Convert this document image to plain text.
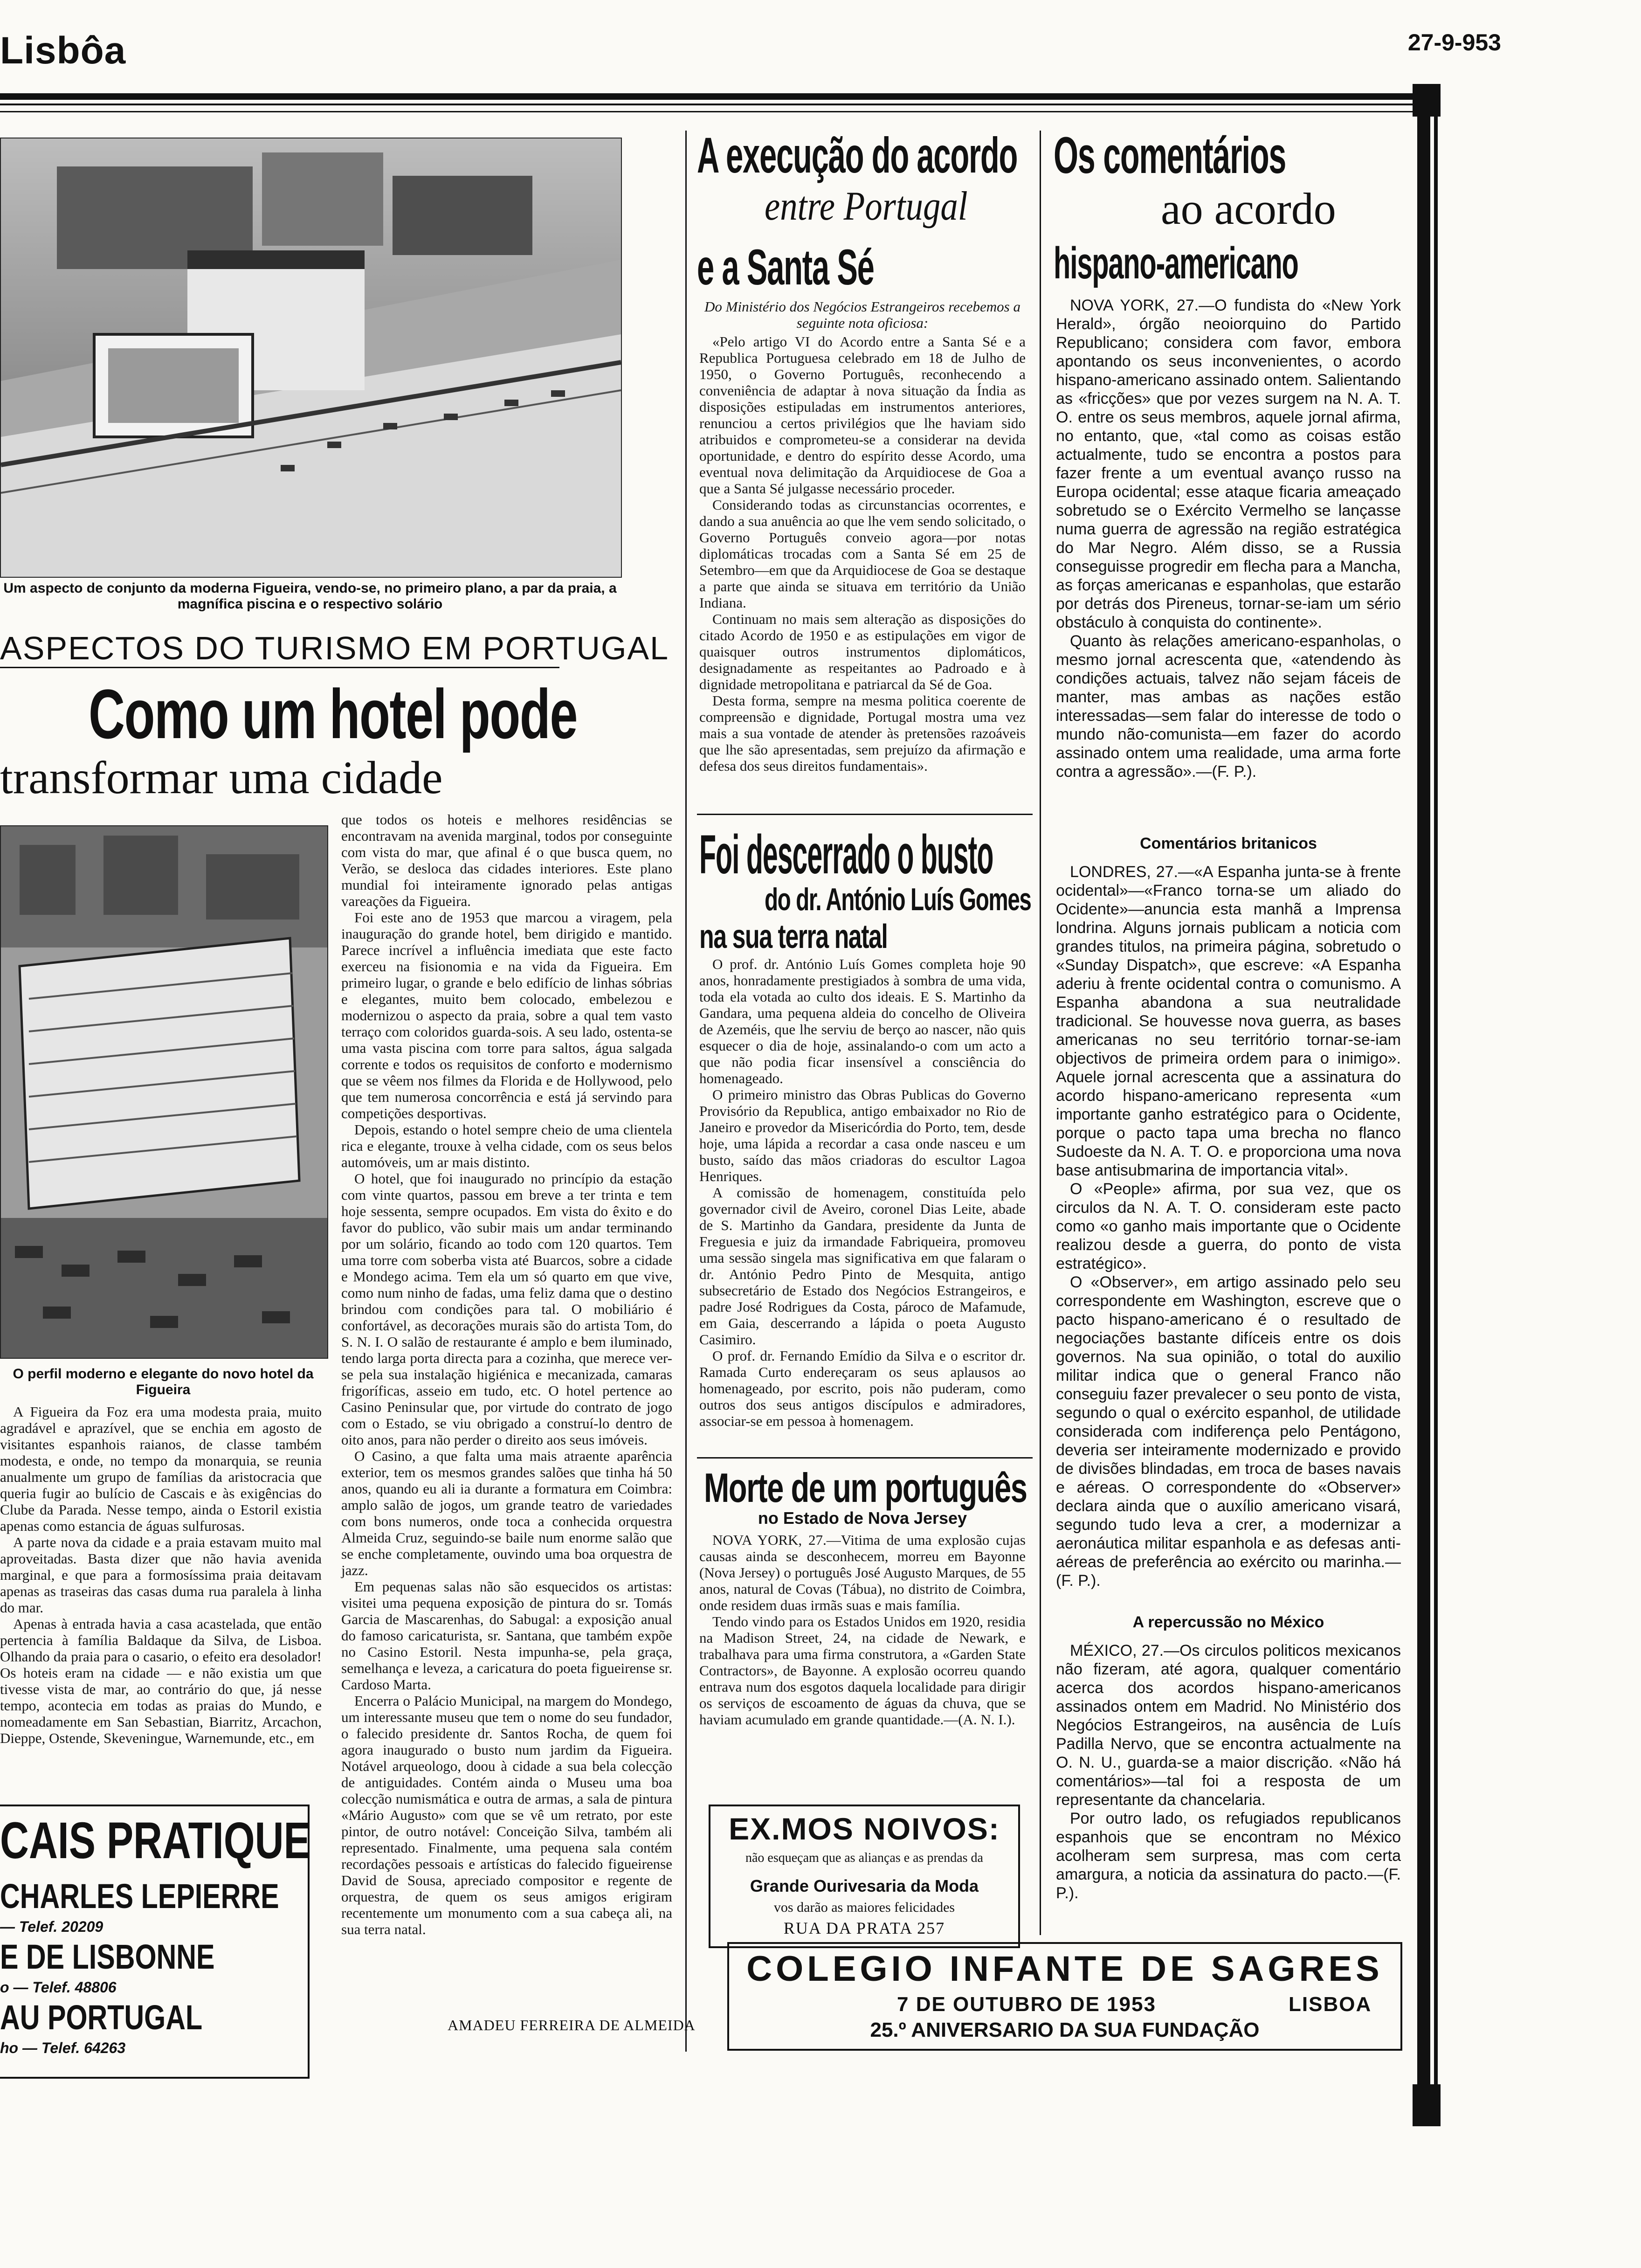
Lisbôa	27-9-953
Um aspecto de conjunto da moderna Figueira, vendo-se, no primeiro plano, a par da praia, a magnífica piscina e o respectivo solário
ASPECTOS DO TURISMO EM PORTUGAL
Como um hotel pode
transformar uma cidade
O perfil moderno e elegante do novo hotel da Figueira

A Figueira da Foz era uma modesta praia, muito agradável e aprazível, que se enchia em agosto de visitantes espanhois raianos, de classe também modesta, e onde, no tempo da monarquia, se reunia anualmente um grupo de famílias da aristocracia que queria fugir ao bulício de Cascais e às exigências do Clube da Parada. Nesse tempo, ainda o Estoril existia apenas como estancia de águas sulfurosas.

A parte nova da cidade e a praia estavam muito mal aproveitadas. Basta dizer que não havia avenida marginal, e que para a formosíssima praia deitavam apenas as traseiras das casas duma rua paralela à linha do mar.

Apenas à entrada havia a casa acastelada, que então pertencia à família Baldaque da Silva, de Lisboa. Olhando da praia para o casario, o efeito era desolador! Os hoteis eram na cidade — e não existia um que tivesse vista de mar, ao contrário do que, já nesse tempo, acontecia em todas as praias do Mundo, e nomeadamente em San Sebastian, Biarritz, Arcachon, Dieppe, Ostende, Skeveningue, Warnemunde, etc., em

que todos os hoteis e melhores residências se encontravam na avenida marginal, todos por conseguinte com vista do mar, que afinal é o que busca quem, no Verão, se desloca das cidades interiores. Este plano mundial foi inteiramente ignorado pelas antigas vareações da Figueira.

Foi este ano de 1953 que marcou a viragem, pela inauguração do grande hotel, bem dirigido e mantido. Parece incrível a influência imediata que este facto exerceu na fisionomia e na vida da Figueira. Em primeiro lugar, o grande e belo edifício de linhas sóbrias e elegantes, muito bem colocado, embelezou e modernizou o aspecto da praia, sobre a qual tem vasto terraço com coloridos guarda-sois. A seu lado, ostenta-se uma vasta piscina com torre para saltos, água salgada corrente e todos os requisitos de conforto e modernismo que se vêem nos filmes da Florida e de Hollywood, pelo que tem numerosa concorrência e está já servindo para competições desportivas.

Depois, estando o hotel sempre cheio de uma clientela rica e elegante, trouxe à velha cidade, com os seus belos automóveis, um ar mais distinto.

O hotel, que foi inaugurado no princípio da estação com vinte quartos, passou em breve a ter trinta e tem hoje sessenta, sempre ocupados. Em vista do êxito e do favor do publico, vão subir mais um andar terminando por um solário, ficando ao todo com 120 quartos. Tem uma torre com soberba vista até Buarcos, sobre a cidade e Mondego acima. Tem ela um só quarto em que vive, como num ninho de fadas, uma feliz dama que o destino brindou com condições para tal. O mobiliário é confortável, as decorações murais são do artista Tom, do S. N. I. O salão de restaurante é amplo e bem iluminado, tendo larga porta directa para a cozinha, que merece ver-se pela sua instalação higiénica e mecanizada, camaras frigoríficas, asseio em tudo, etc. O hotel pertence ao Casino Peninsular que, por virtude do contrato de jogo com o Estado, se viu obrigado a construí-lo dentro de oito anos, para não perder o direito aos seus imóveis.

O Casino, a que falta uma mais atraente aparência exterior, tem os mesmos grandes salões que tinha há 50 anos, quando eu ali ia durante a formatura em Coimbra: amplo salão de jogos, um grande teatro de variedades com bons numeros, onde toca a conhecida orquestra Almeida Cruz, seguindo-se baile num enorme salão que se enche completamente, ouvindo uma boa orquestra de jazz.

Em pequenas salas não são esquecidos os artistas: visitei uma pequena exposição de pintura do sr. Tomás Garcia de Mascarenhas, do Sabugal: a exposição anual do famoso caricaturista, sr. Santana, que também expõe no Casino Estoril. Nesta impunha-se, pela graça, semelhança e leveza, a caricatura do poeta figueirense sr. Cardoso Marta.

Encerra o Palácio Municipal, na margem do Mondego, um interessante museu que tem o nome do seu fundador, o falecido presidente dr. Santos Rocha, de quem foi agora inaugurado o busto num jardim da Figueira. Notável arqueologo, doou à cidade a sua bela colecção de antiguidades. Contém ainda o Museu uma boa colecção numismática e outra de armas, a sala de pintura «Mário Augusto» com que se vê um retrato, por este pintor, de outro notável: Conceição Silva, também ali representado. Finalmente, uma pequena sala contém recordações pessoais e artísticas do falecido figueirense David de Sousa, apreciado compositor e regente de orquestra, de quem os seus amigos erigiram recentemente um monumento com a sua cabeça ali, na sua terra natal.

AMADEU FERREIRA DE ALMEIDA
CAIS PRATIQUE
CHARLES LEPIERRE
— Telef. 20209
E DE LISBONNE
o — Telef. 48806
AU PORTUGAL
ho — Telef. 64263
A execução do acordo
entre Portugal
e a Santa Sé
Do Ministério dos Negócios Estrangeiros recebemos a seguinte nota oficiosa:

«Pelo artigo VI do Acordo entre a Santa Sé e a Republica Portuguesa celebrado em 18 de Julho de 1950, o Governo Português, reconhecendo a conveniência de adaptar à nova situação da Índia as disposições estipuladas em instrumentos anteriores, renunciou a certos privilégios que lhe haviam sido atribuidos e comprometeu-se a considerar na devida oportunidade, e dentro do espírito desse Acordo, uma eventual nova delimitação da Arquidiocese de Goa a que a Santa Sé julgasse necessário proceder.

Considerando todas as circunstancias ocorrentes, e dando a sua anuência ao que lhe vem sendo solicitado, o Governo Português conveio agora—por notas diplomáticas trocadas com a Santa Sé em 25 de Setembro—em que da Arquidiocese de Goa se destaque a parte que ainda se situava em território da União Indiana.

Continuam no mais sem alteração as disposições do citado Acordo de 1950 e as estipulações em vigor de quaisquer outros instrumentos diplomáticos, designadamente as respeitantes ao Padroado e à dignidade metropolitana e patriarcal da Sé de Goa.

Desta forma, sempre na mesma politica coerente de compreensão e dignidade, Portugal mostra uma vez mais a sua vontade de atender às pretensões razoáveis que lhe são apresentadas, sem prejuízo da afirmação e defesa dos seus direitos fundamentais».

Foi descerrado o busto
do dr. António Luís Gomes
na sua terra natal

O prof. dr. António Luís Gomes completa hoje 90 anos, honradamente prestigiados à sombra de uma vida, toda ela votada ao culto dos ideais. E S. Martinho da Gandara, uma pequena aldeia do concelho de Oliveira de Azeméis, que lhe serviu de berço ao nascer, não quis esquecer o dia de hoje, assinalando-o com um acto a que não podia ficar insensível a consciência do homenageado.

O primeiro ministro das Obras Publicas do Governo Provisório da Republica, antigo embaixador no Rio de Janeiro e provedor da Misericórdia do Porto, tem, desde hoje, uma lápida a recordar a casa onde nasceu e um busto, saído das mãos criadoras do escultor Lagoa Henriques.

A comissão de homenagem, constituída pelo governador civil de Aveiro, coronel Dias Leite, abade de S. Martinho da Gandara, presidente da Junta de Freguesia e juiz da irmandade Fabriqueira, promoveu uma sessão singela mas significativa em que falaram o dr. António Pedro Pinto de Mesquita, antigo subsecretário de Estado dos Negócios Estrangeiros, e padre José Rodrigues da Costa, pároco de Mafamude, em Gaia, descerrando a lápida o poeta Augusto Casimiro.

O prof. dr. Fernando Emídio da Silva e o escritor dr. Ramada Curto endereçaram os seus aplausos ao homenageado, por escrito, pois não puderam, como outros dos seus antigos discípulos e admiradores, associar-se em pessoa à homenagem.

Morte de um português
no Estado de Nova Jersey

NOVA YORK, 27.—Vitima de uma explosão cujas causas ainda se desconhecem, morreu em Bayonne (Nova Jersey) o português José Augusto Marques, de 55 anos, natural de Covas (Tábua), no distrito de Coimbra, onde residem duas irmãs suas e mais família.

Tendo vindo para os Estados Unidos em 1920, residia na Madison Street, 24, na cidade de Newark, e trabalhava para uma firma construtora, a «Garden State Contractors», de Bayonne. A explosão ocorreu quando entrava num dos esgotos daquela localidade para dirigir os serviços de escoamento de águas da chuva, que se haviam acumulado em grande quantidade.—(A. N. I.).

EX.MOS NOIVOS:
não esqueçam que as alianças e as prendas da
Grande Ourivesaria da Moda
vos darão as maiores felicidades
RUA DA PRATA 257
Os comentários
ao acordo
hispano-americano

NOVA YORK, 27.—O fundista do «New York Herald», órgão neoiorquino do Partido Republicano; considera com favor, embora apontando os seus inconvenientes, o acordo hispano-americano assinado ontem. Salientando as «fricções» que por vezes surgem na N. A. T. O. entre os seus membros, aquele jornal afirma, no entanto, que, «tal como as coisas estão actualmente, tudo se encontra a postos para fazer frente a um eventual avanço russo na Europa ocidental; esse ataque ficaria ameaçado sobretudo se o Exército Vermelho se lançasse numa guerra de agressão na região estratégica do Mar Negro. Além disso, se a Russia conseguisse progredir em flecha para a Mancha, as forças americanas e espanholas, que estarão por detrás dos Pireneus, tornar-se-iam um sério obstáculo à conquista do continente».

Quanto às relações americano-espanholas, o mesmo jornal acrescenta que, «atendendo às condições actuais, talvez não sejam fáceis de manter, mas ambas as nações estão interessadas—sem falar do interesse de todo o mundo não-comunista—em fazer do acordo assinado ontem uma realidade, uma arma forte contra a agressão».—(F. P.).

Comentários britanicos

LONDRES, 27.—«A Espanha junta-se à frente ocidental»—«Franco torna-se um aliado do Ocidente»—anuncia esta manhã a Imprensa londrina. Alguns jornais publicam a noticia com grandes titulos, na primeira página, sobretudo o «Sunday Dispatch», que escreve: «A Espanha aderiu à frente ocidental contra o comunismo. A Espanha abandona a sua neutralidade tradicional. Se houvesse nova guerra, as bases americanas no seu território tornar-se-iam objectivos de primeira ordem para o inimigo». Aquele jornal acrescenta que a assinatura do acordo hispano-americano representa «um importante ganho estratégico para o Ocidente, porque o pacto tapa uma brecha no flanco Sudoeste da N. A. T. O. e proporciona uma nova base antisubmarina de importancia vital».

O «People» afirma, por sua vez, que os circulos da N. A. T. O. consideram este pacto como «o ganho mais importante que o Ocidente realizou desde a guerra, do ponto de vista estratégico».

O «Observer», em artigo assinado pelo seu correspondente em Washington, escreve que o pacto hispano-americano é o resultado de negociações bastante difíceis entre os dois governos. Na sua opinião, o total do auxilio militar indica que o general Franco não conseguiu fazer prevalecer o seu ponto de vista, segundo o qual o exército espanhol, de utilidade considerada com indiferença pelo Pentágono, deveria ser inteiramente modernizado e provido de divisões blindadas, em troca de bases navais e aéreas. O correspondente do «Observer» declara ainda que o auxílio americano visará, segundo tudo leva a crer, a modernizar a aeronáutica militar espanhola e as defesas anti-aéreas de preferência ao exército ou marinha.—(F. P.).

A repercussão no México

MÉXICO, 27.—Os circulos politicos mexicanos não fizeram, até agora, qualquer comentário acerca dos acordos hispano-americanos assinados ontem em Madrid. No Ministério dos Negócios Estrangeiros, na ausência de Luís Padilla Nervo, que se encontra actualmente na O. N. U., guarda-se a maior discrição. «Não há comentários»—tal foi a resposta de um representante da chancelaria.

Por outro lado, os refugiados republicanos espanhois que se encontram no México acolheram sem surpresa, mas com certa amargura, a noticia da assinatura do pacto.—(F. P.).

COLEGIO INFANTE DE SAGRES
7 DE OUTUBRO DE 1953	LISBOA
25.º ANIVERSARIO DA SUA FUNDAÇÃO
